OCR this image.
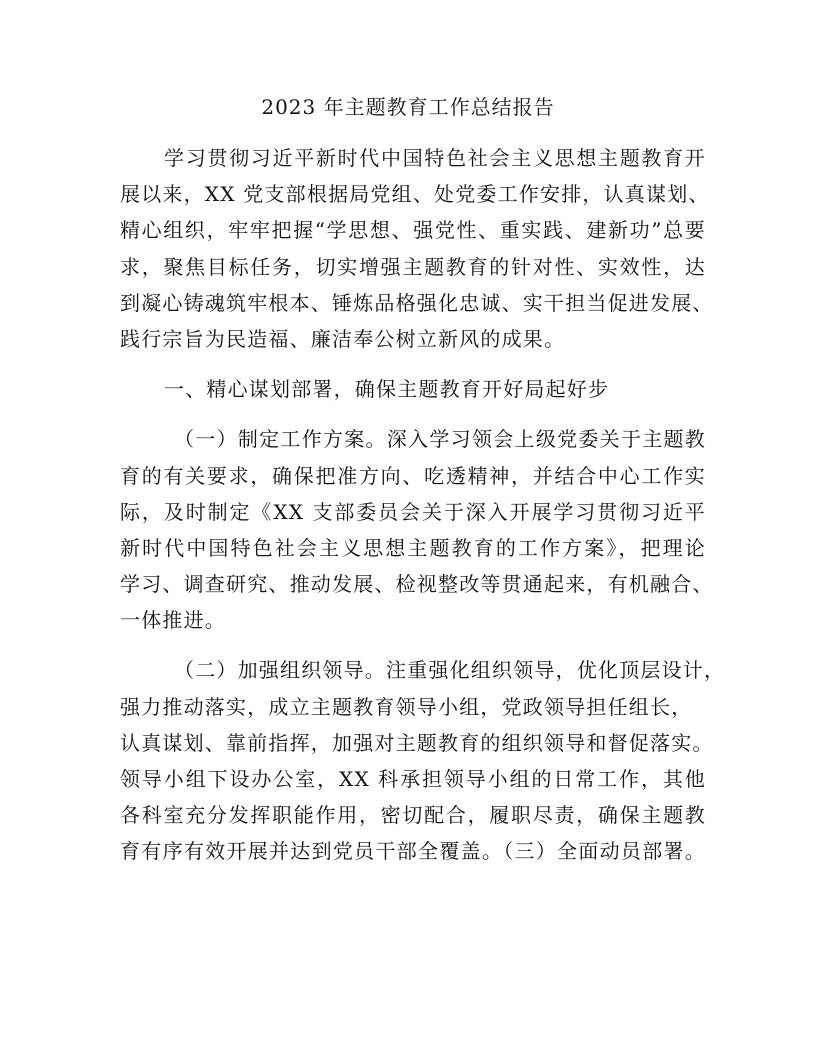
2023 年主题教育工作总结报告
学习贯彻习近平新时代中国特色社会主义思想主题教育开
展以来，XX 党支部根据局党组、处党委工作安排，认真谋划、
精心组织，牢牢把握“学思想、强党性、重实践、建新功”总要
求，聚焦目标任务，切实增强主题教育的针对性、实效性，达
到凝心铸魂筑牢根本、锤炼品格强化忠诚、实干担当促进发展、
践行宗旨为民造福、廉洁奉公树立新风的成果。
一、精心谋划部署，确保主题教育开好局起好步
（一）制定工作方案。深入学习领会上级党委关于主题教
育的有关要求，确保把准方向、吃透精神，并结合中心工作实
际，及时制定《XX 支部委员会关于深入开展学习贯彻习近平
新时代中国特色社会主义思想主题教育的工作方案》，把理论
学习、调查研究、推动发展、检视整改等贯通起来，有机融合、
一体推进。
（二）加强组织领导。注重强化组织领导，优化顶层设计，
强力推动落实，成立主题教育领导小组，党政领导担任组长，
认真谋划、靠前指挥，加强对主题教育的组织领导和督促落实。
领导小组下设办公室，XX 科承担领导小组的日常工作，其他
各科室充分发挥职能作用，密切配合，履职尽责，确保主题教
育有序有效开展并达到党员干部全覆盖。（三）全面动员部署。
